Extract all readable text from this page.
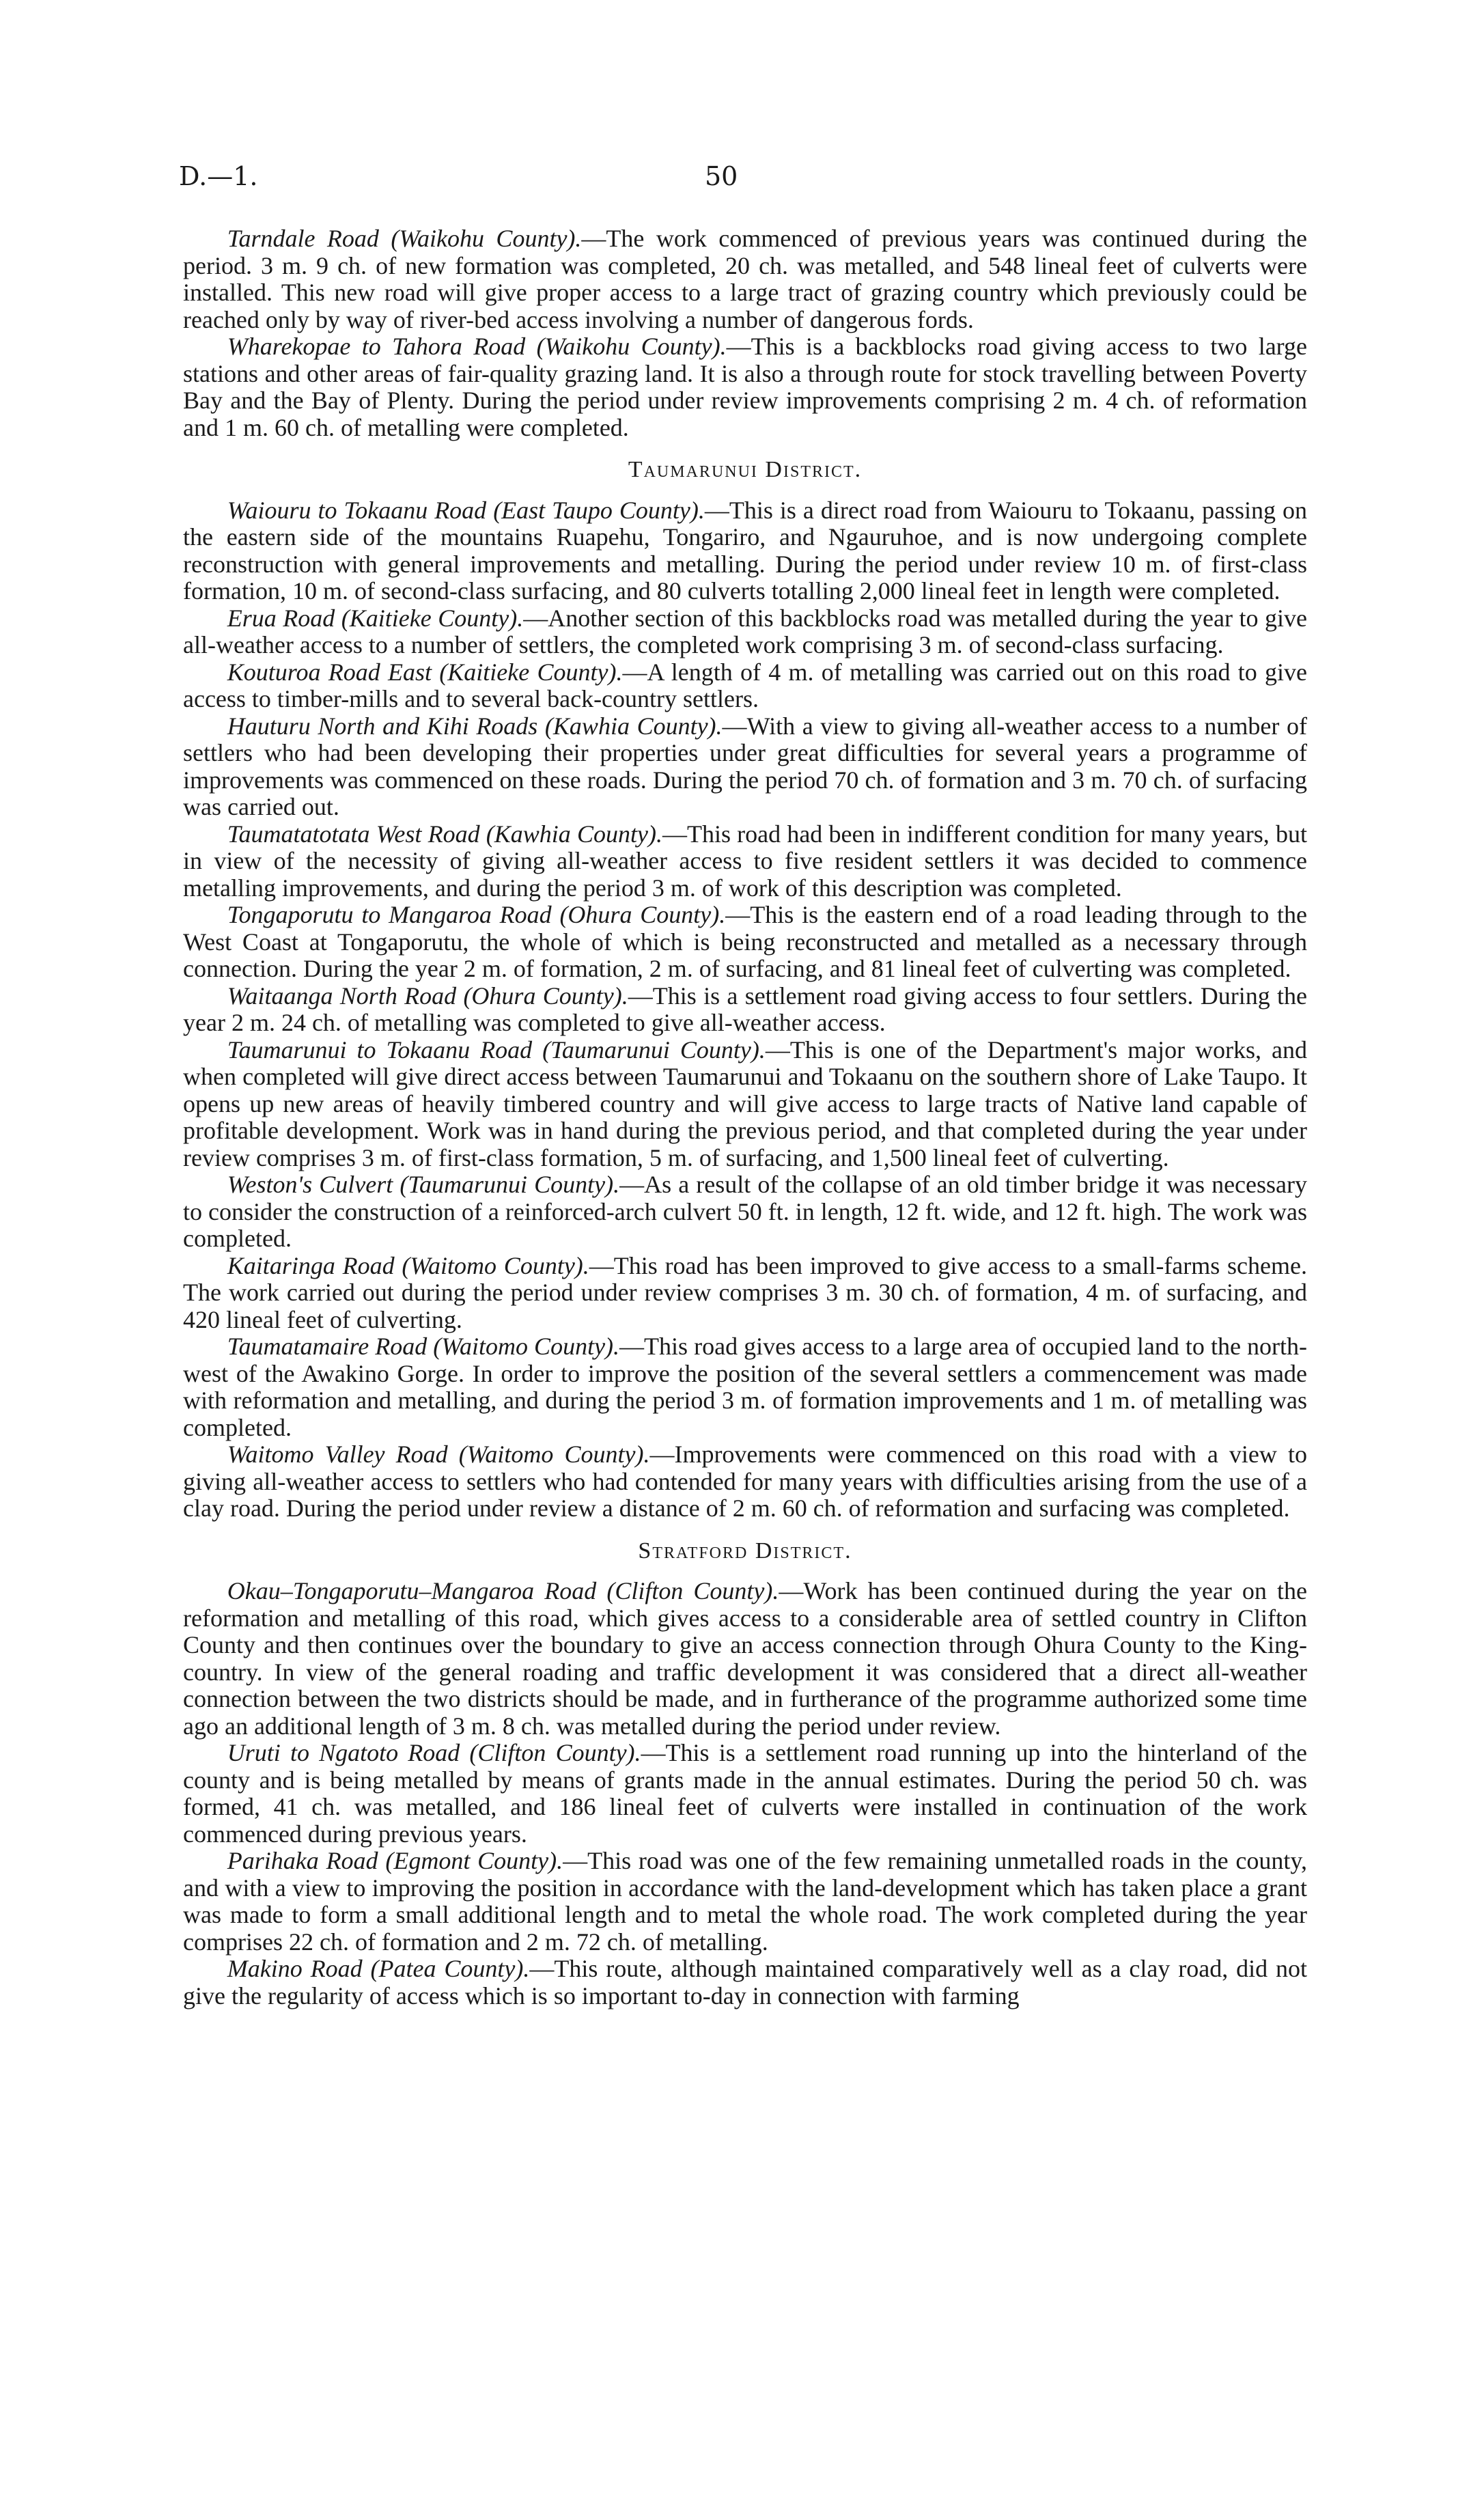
D.—1.	50

Tarndale Road (Waikohu County).—The work commenced of previous years was continued during the period. 3 m. 9 ch. of new formation was completed, 20 ch. was metalled, and 548 lineal feet of culverts were installed. This new road will give proper access to a large tract of grazing country which previously could be reached only by way of river-bed access involving a number of dangerous fords.

Wharekopae to Tahora Road (Waikohu County).—This is a backblocks road giving access to two large stations and other areas of fair-quality grazing land. It is also a through route for stock travelling between Poverty Bay and the Bay of Plenty. During the period under review improvements comprising 2 m. 4 ch. of reformation and 1 m. 60 ch. of metalling were completed.

Taumarunui District.

Waiouru to Tokaanu Road (East Taupo County).—This is a direct road from Waiouru to Tokaanu, passing on the eastern side of the mountains Ruapehu, Tongariro, and Ngauruhoe, and is now undergoing complete reconstruction with general improvements and metalling. During the period under review 10 m. of first-class formation, 10 m. of second-class surfacing, and 80 culverts totalling 2,000 lineal feet in length were completed.

Erua Road (Kaitieke County).—Another section of this backblocks road was metalled during the year to give all-weather access to a number of settlers, the completed work comprising 3 m. of second-class surfacing.

Kouturoa Road East (Kaitieke County).—A length of 4 m. of metalling was carried out on this road to give access to timber-mills and to several back-country settlers.

Hauturu North and Kihi Roads (Kawhia County).—With a view to giving all-weather access to a number of settlers who had been developing their properties under great difficulties for several years a programme of improvements was commenced on these roads. During the period 70 ch. of formation and 3 m. 70 ch. of surfacing was carried out.

Taumatatotata West Road (Kawhia County).—This road had been in indifferent condition for many years, but in view of the necessity of giving all-weather access to five resident settlers it was decided to commence metalling improvements, and during the period 3 m. of work of this description was completed.

Tongaporutu to Mangaroa Road (Ohura County).—This is the eastern end of a road leading through to the West Coast at Tongaporutu, the whole of which is being reconstructed and metalled as a necessary through connection. During the year 2 m. of formation, 2 m. of surfacing, and 81 lineal feet of culverting was completed.

Waitaanga North Road (Ohura County).—This is a settlement road giving access to four settlers. During the year 2 m. 24 ch. of metalling was completed to give all-weather access.

Taumarunui to Tokaanu Road (Taumarunui County).—This is one of the Department's major works, and when completed will give direct access between Taumarunui and Tokaanu on the southern shore of Lake Taupo. It opens up new areas of heavily timbered country and will give access to large tracts of Native land capable of profitable development. Work was in hand during the previous period, and that completed during the year under review comprises 3 m. of first-class formation, 5 m. of surfacing, and 1,500 lineal feet of culverting.

Weston's Culvert (Taumarunui County).—As a result of the collapse of an old timber bridge it was necessary to consider the construction of a reinforced-arch culvert 50 ft. in length, 12 ft. wide, and 12 ft. high. The work was completed.

Kaitaringa Road (Waitomo County).—This road has been improved to give access to a small-farms scheme. The work carried out during the period under review comprises 3 m. 30 ch. of formation, 4 m. of surfacing, and 420 lineal feet of culverting.

Taumatamaire Road (Waitomo County).—This road gives access to a large area of occupied land to the north-west of the Awakino Gorge. In order to improve the position of the several settlers a commencement was made with reformation and metalling, and during the period 3 m. of formation improvements and 1 m. of metalling was completed.

Waitomo Valley Road (Waitomo County).—Improvements were commenced on this road with a view to giving all-weather access to settlers who had contended for many years with difficulties arising from the use of a clay road. During the period under review a distance of 2 m. 60 ch. of reformation and surfacing was completed.

Stratford District.

Okau–Tongaporutu–Mangaroa Road (Clifton County).—Work has been continued during the year on the reformation and metalling of this road, which gives access to a considerable area of settled country in Clifton County and then continues over the boundary to give an access connection through Ohura County to the King-country. In view of the general roading and traffic development it was considered that a direct all-weather connection between the two districts should be made, and in furtherance of the programme authorized some time ago an additional length of 3 m. 8 ch. was metalled during the period under review.

Uruti to Ngatoto Road (Clifton County).—This is a settlement road running up into the hinterland of the county and is being metalled by means of grants made in the annual estimates. During the period 50 ch. was formed, 41 ch. was metalled, and 186 lineal feet of culverts were installed in continuation of the work commenced during previous years.

Parihaka Road (Egmont County).—This road was one of the few remaining unmetalled roads in the county, and with a view to improving the position in accordance with the land-development which has taken place a grant was made to form a small additional length and to metal the whole road. The work completed during the year comprises 22 ch. of formation and 2 m. 72 ch. of metalling.

Makino Road (Patea County).—This route, although maintained comparatively well as a clay road, did not give the regularity of access which is so important to-day in connection with farming
